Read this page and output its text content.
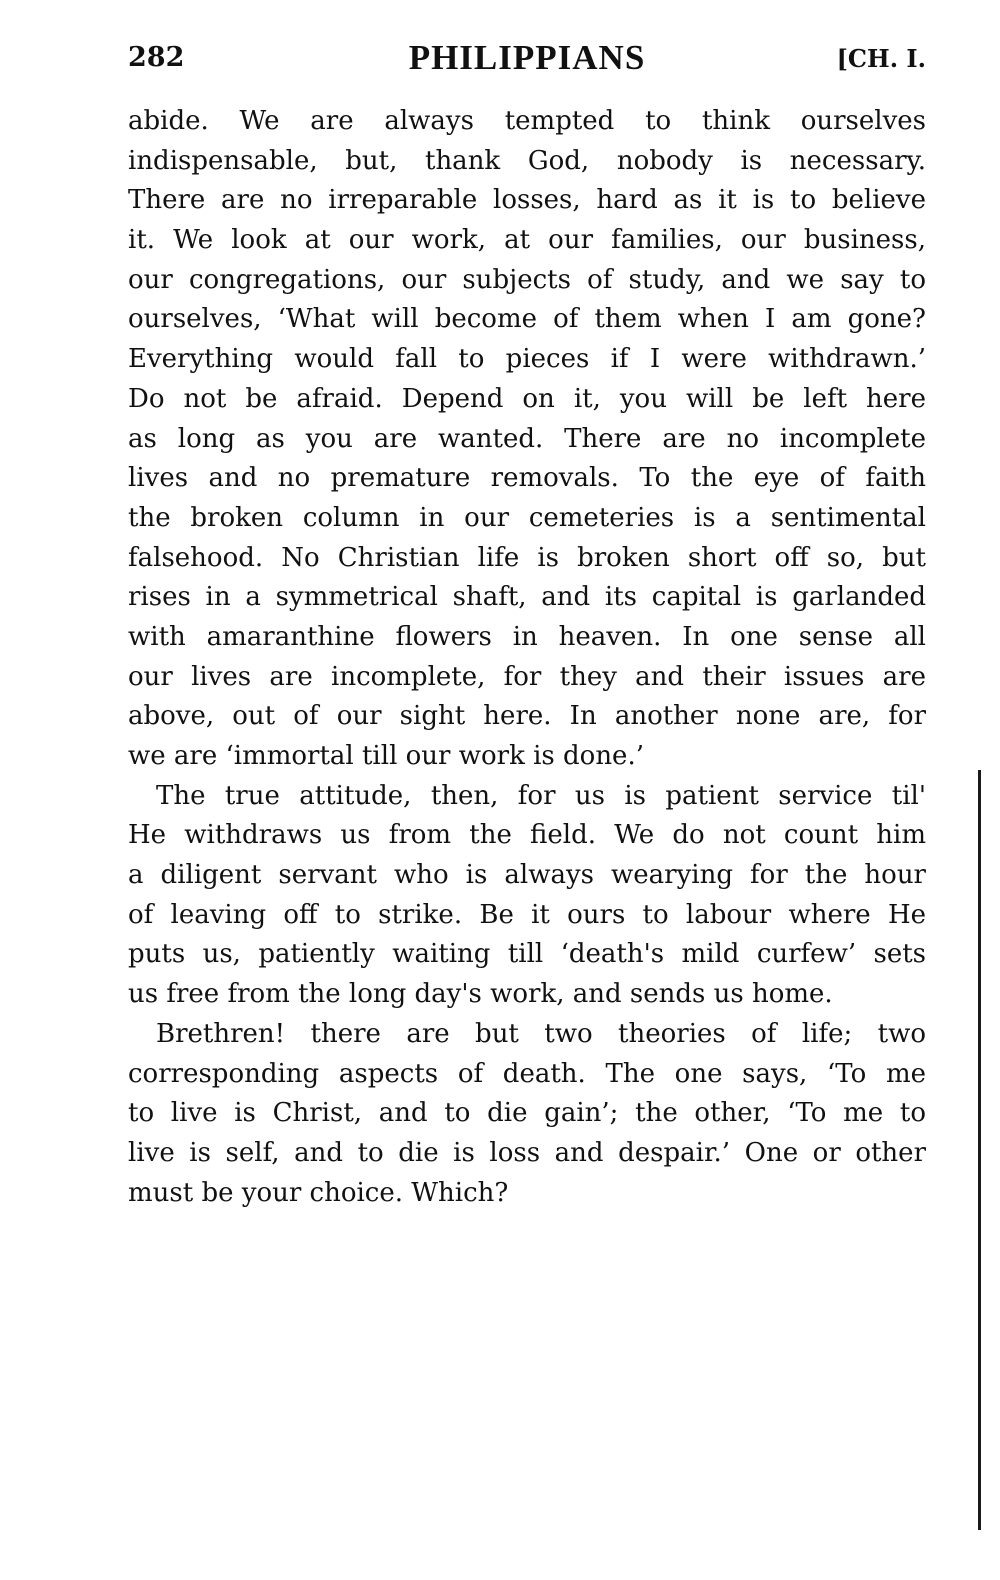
282	PHILIPPIANS	[CH. I.
abide. We are always tempted to think ourselves
indispensable, but, thank God, nobody is necessary.
There are no irreparable losses, hard as it is to believe
it. We look at our work, at our families, our business,
our congregations, our subjects of study, and we say to
ourselves, ‘What will become of them when I am gone?
Everything would fall to pieces if I were withdrawn.’
Do not be afraid. Depend on it, you will be left here
as long as you are wanted. There are no incomplete
lives and no premature removals. To the eye of faith
the broken column in our cemeteries is a sentimental
falsehood. No Christian life is broken short off so, but
rises in a symmetrical shaft, and its capital is garlanded
with amaranthine flowers in heaven. In one sense all
our lives are incomplete, for they and their issues are
above, out of our sight here. In another none are, for
we are ‘immortal till our work is done.’
The true attitude, then, for us is patient service til'
He withdraws us from the field. We do not count him
a diligent servant who is always wearying for the hour
of leaving off to strike. Be it ours to labour where He
puts us, patiently waiting till ‘death's mild curfew’ sets
us free from the long day's work, and sends us home.
Brethren! there are but two theories of life; two
corresponding aspects of death. The one says, ‘To me
to live is Christ, and to die gain’; the other, ‘To me to
live is self, and to die is loss and despair.’ One or other
must be your choice. Which?
